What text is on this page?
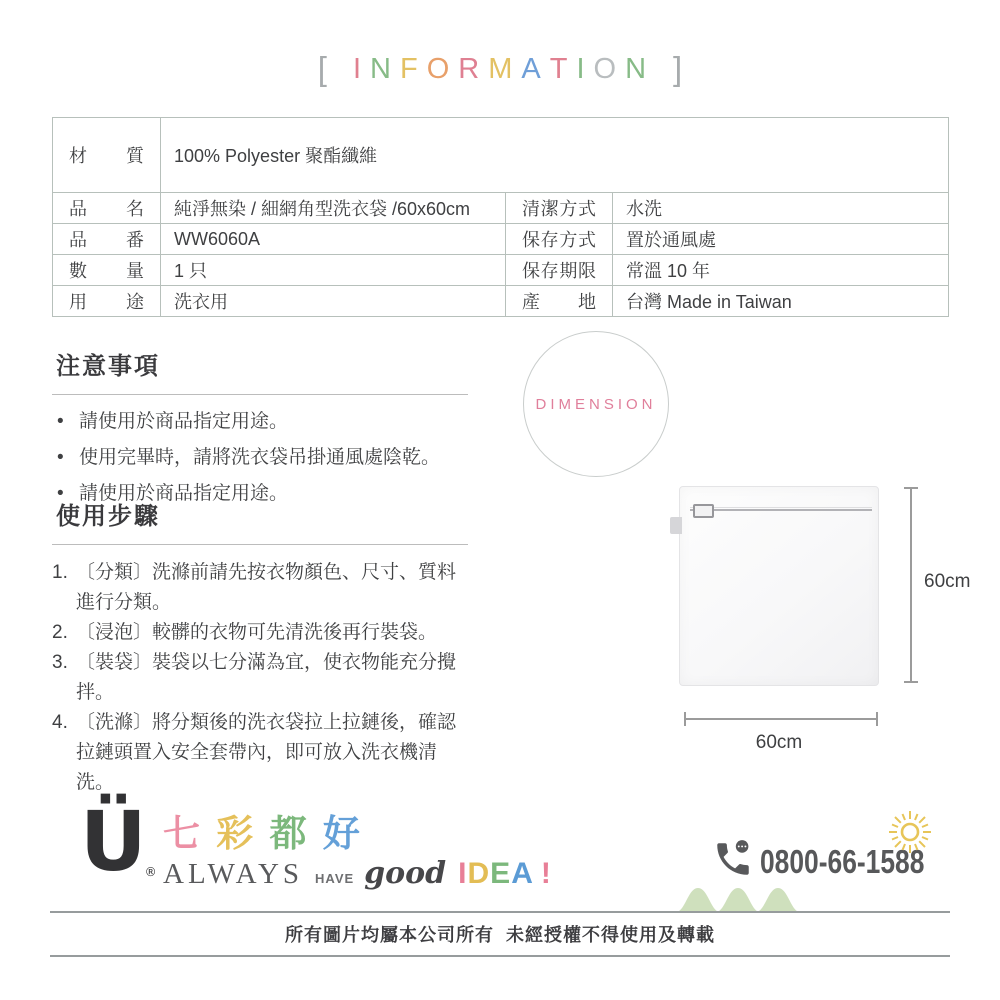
[ I N F O R M A T I O N ]
材質	100% Polyester 聚酯纖維		
品名	純淨無染 / 細網角型洗衣袋 /60x60cm	清潔方式	水洗
品番	WW6060A	保存方式	置於通風處
數量	1 只	保存期限	常溫 10 年
用途	洗衣用	產地	台灣 Made in Taiwan
注意事項
• 請使用於商品指定用途。
• 使用完畢時，請將洗衣袋吊掛通風處陰乾。
• 請使用於商品指定用途。
使用步驟
1. 〔分類〕洗滌前請先按衣物顏色、尺寸、質料進行分類。
2. 〔浸泡〕較髒的衣物可先清洗後再行裝袋。
3. 〔裝袋〕裝袋以七分滿為宜，使衣物能充分攪拌。
4. 〔洗滌〕將分類後的洗衣袋拉上拉鏈後，確認拉鏈頭置入安全套帶內，即可放入洗衣機清洗。
DIMENSION
60cm
60cm
Ü®
七 彩 都 好
ALWAYS HAVE good IDEA !	0800-66-1588
所有圖片均屬本公司所有  未經授權不得使用及轉載
